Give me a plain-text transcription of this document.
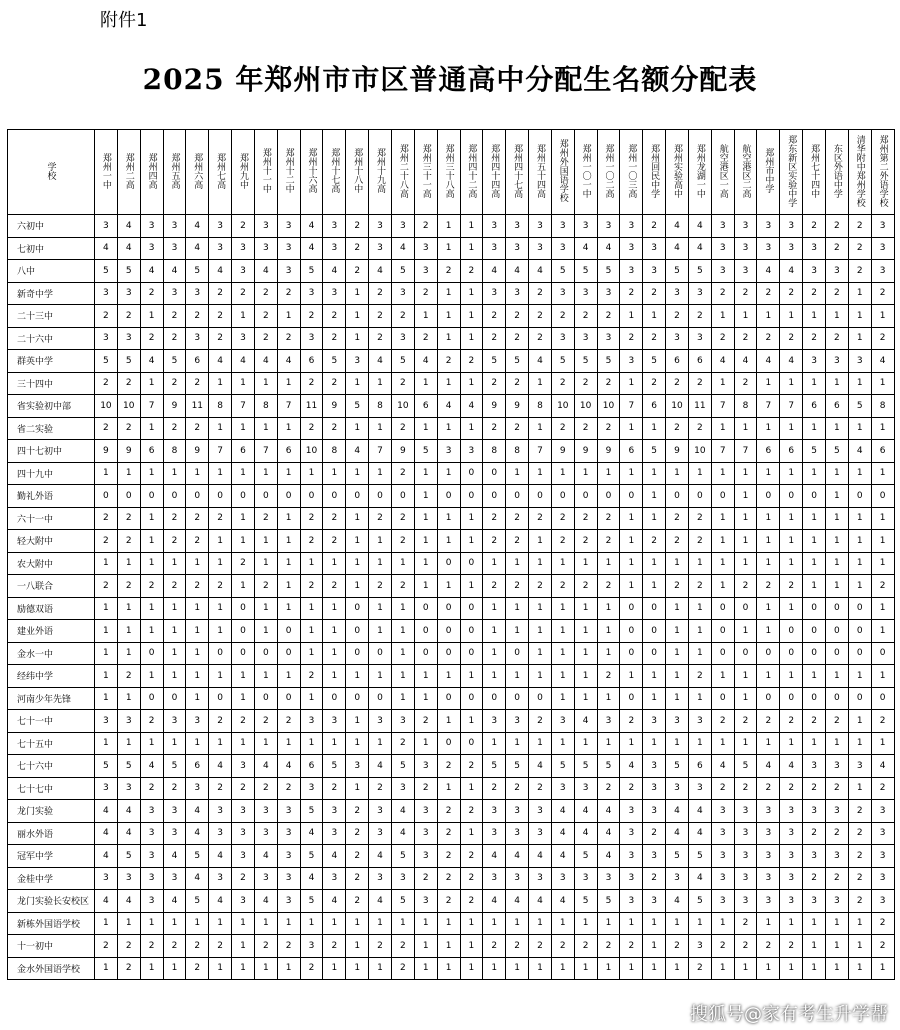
附件1
2025 年郑州市市区普通高中分配生名额分配表
学校	郑州一中	郑州二高	郑州四高	郑州五高	郑州六高	郑州七高	郑州九中	郑州十一中	郑州十二中	郑州十六高	郑州十七高	郑州十八中	郑州十九高	郑州二十八高	郑州三十一高	郑州三十八高	郑州四十二高	郑州四十四高	郑州四十七高	郑州五十四高	郑州外国语学校	郑州一〇一中	郑州一〇二高	郑州一〇三高	郑州回民中学	郑州实验高中	郑州龙湖一中	航空港区一高	航空港区二高	郑州市中学	郑东新区实验中学	郑州七十四中	东区外语中学	清华附中郑州学校	郑州第二外语学校
六初中	3	4	3	3	4	3	2	3	3	4	3	2	3	3	2	1	1	3	3	3	3	3	3	3	2	4	4	3	3	3	3	2	2	2	3
七初中	4	4	3	3	4	3	3	3	3	4	3	2	3	4	3	1	1	3	3	3	3	4	4	3	3	4	4	3	3	3	3	3	2	2	3
八中	5	5	4	4	5	4	3	4	3	5	4	2	4	5	3	2	2	4	4	4	5	5	5	3	3	5	5	3	3	4	4	3	3	2	3
新奇中学	3	3	2	3	3	2	2	2	2	3	3	1	2	3	2	1	1	3	3	2	3	3	3	2	2	3	3	2	2	2	2	2	2	1	2
二十三中	2	2	1	2	2	2	1	2	1	2	2	1	2	2	1	1	1	2	2	2	2	2	2	1	1	2	2	1	1	1	1	1	1	1	1
二十六中	3	3	2	2	3	2	3	2	2	3	2	1	2	3	2	1	1	2	2	2	3	3	3	2	2	3	3	2	2	2	2	2	2	1	2
群英中学	5	5	4	5	6	4	4	4	4	6	5	3	4	5	4	2	2	5	5	4	5	5	5	3	5	6	6	4	4	4	4	3	3	3	4
三十四中	2	2	1	2	2	1	1	1	1	2	2	1	1	2	1	1	1	2	2	1	2	2	2	1	2	2	2	1	2	1	1	1	1	1	1
省实验初中部	10	10	7	9	11	8	7	8	7	11	9	5	8	10	6	4	4	9	9	8	10	10	10	7	6	10	11	7	8	7	7	6	6	5	8
省二实验	2	2	1	2	2	1	1	1	1	2	2	1	1	2	1	1	1	2	2	1	2	2	2	1	1	2	2	1	1	1	1	1	1	1	1
四十七初中	9	9	6	8	9	7	6	7	6	10	8	4	7	9	5	3	3	8	8	7	9	9	9	6	5	9	10	7	7	6	6	5	5	4	6
四十九中	1	1	1	1	1	1	1	1	1	1	1	1	1	2	1	1	0	0	1	1	1	1	1	1	1	1	1	1	1	1	1	1	1	1	1
勤礼外语	0	0	0	0	0	0	0	0	0	0	0	0	0	0	1	0	0	0	0	0	0	0	0	0	1	0	0	0	1	0	0	0	1	0	0
六十一中	2	2	1	2	2	2	1	2	1	2	2	1	2	2	1	1	1	2	2	2	2	2	2	1	1	2	2	1	1	1	1	1	1	1	1
轻大附中	2	2	1	2	2	1	1	1	1	2	2	1	1	2	1	1	1	2	2	1	2	2	2	1	2	2	2	1	1	1	1	1	1	1	1
农大附中	1	1	1	1	1	1	2	1	1	1	1	1	1	1	1	0	0	1	1	1	1	1	1	1	1	1	1	1	1	1	1	1	1	1	1
一八联合	2	2	2	2	2	2	1	2	1	2	2	1	2	2	1	1	1	2	2	2	2	2	2	1	1	2	2	1	2	2	2	1	1	1	2
励德双语	1	1	1	1	1	1	0	1	1	1	1	0	1	1	0	0	0	1	1	1	1	1	1	0	0	1	1	0	0	1	1	0	0	0	1
建业外语	1	1	1	1	1	1	0	1	0	1	1	0	1	1	0	0	0	1	1	1	1	1	1	0	0	1	1	0	1	1	0	0	0	0	1
金水一中	1	1	0	1	1	0	0	0	0	1	1	0	0	1	0	0	0	1	0	1	1	1	1	0	0	1	1	0	0	0	0	0	0	0	0
经纬中学	1	2	1	1	1	1	1	1	1	2	1	1	1	1	1	1	1	1	1	1	1	1	2	1	1	1	2	1	1	1	1	1	1	1	1
河南少年先锋	1	1	0	0	1	0	1	0	0	1	0	0	0	1	1	0	0	0	0	0	1	1	1	0	1	1	1	0	1	0	0	0	0	0	0
七十一中	3	3	2	3	3	2	2	2	2	3	3	1	3	3	2	1	1	3	3	2	3	4	3	2	3	3	3	2	2	2	2	2	2	1	2
七十五中	1	1	1	1	1	1	1	1	1	1	1	1	1	2	1	0	0	1	1	1	1	1	1	1	1	1	1	1	1	1	1	1	1	1	1
七十六中	5	5	4	5	6	4	3	4	4	6	5	3	4	5	3	2	2	5	5	4	5	5	5	4	3	5	6	4	5	4	4	3	3	3	4
七十七中	3	3	2	2	3	2	2	2	2	3	2	1	2	3	2	1	1	2	2	2	3	3	2	2	3	3	3	2	2	2	2	2	2	1	2
龙门实验	4	4	3	3	4	3	3	3	3	5	3	2	3	4	3	2	2	3	3	3	4	4	4	3	3	4	4	3	3	3	3	3	3	2	3
丽水外语	4	4	3	3	4	3	3	3	3	4	3	2	3	4	3	2	1	3	3	3	4	4	4	3	2	4	4	3	3	3	3	2	2	2	3
冠军中学	4	5	3	4	5	4	3	4	3	5	4	2	4	5	3	2	2	4	4	4	4	5	4	3	3	5	5	3	3	3	3	3	3	2	3
金桂中学	3	3	3	3	4	3	2	3	3	4	3	2	3	3	2	2	2	3	3	3	3	3	3	3	2	3	4	3	3	3	3	2	2	2	3
龙门实验长安校区	4	4	3	4	5	4	3	4	3	5	4	2	4	5	3	2	2	4	4	4	4	5	5	3	3	4	5	3	3	3	3	3	3	2	3
新栋外国语学校	1	1	1	1	1	1	1	1	1	1	1	1	1	1	1	1	1	1	1	1	1	1	1	1	1	1	1	1	2	1	1	1	1	1	2
十一初中	2	2	2	2	2	2	1	2	2	3	2	1	2	2	1	1	1	2	2	2	2	2	2	2	1	2	3	2	2	2	2	1	1	1	2
金水外国语学校	1	2	1	1	2	1	1	1	1	2	1	1	1	2	1	1	1	1	1	1	1	1	1	1	1	1	2	1	1	1	1	1	1	1	1
搜狐号@家有考生升学帮
